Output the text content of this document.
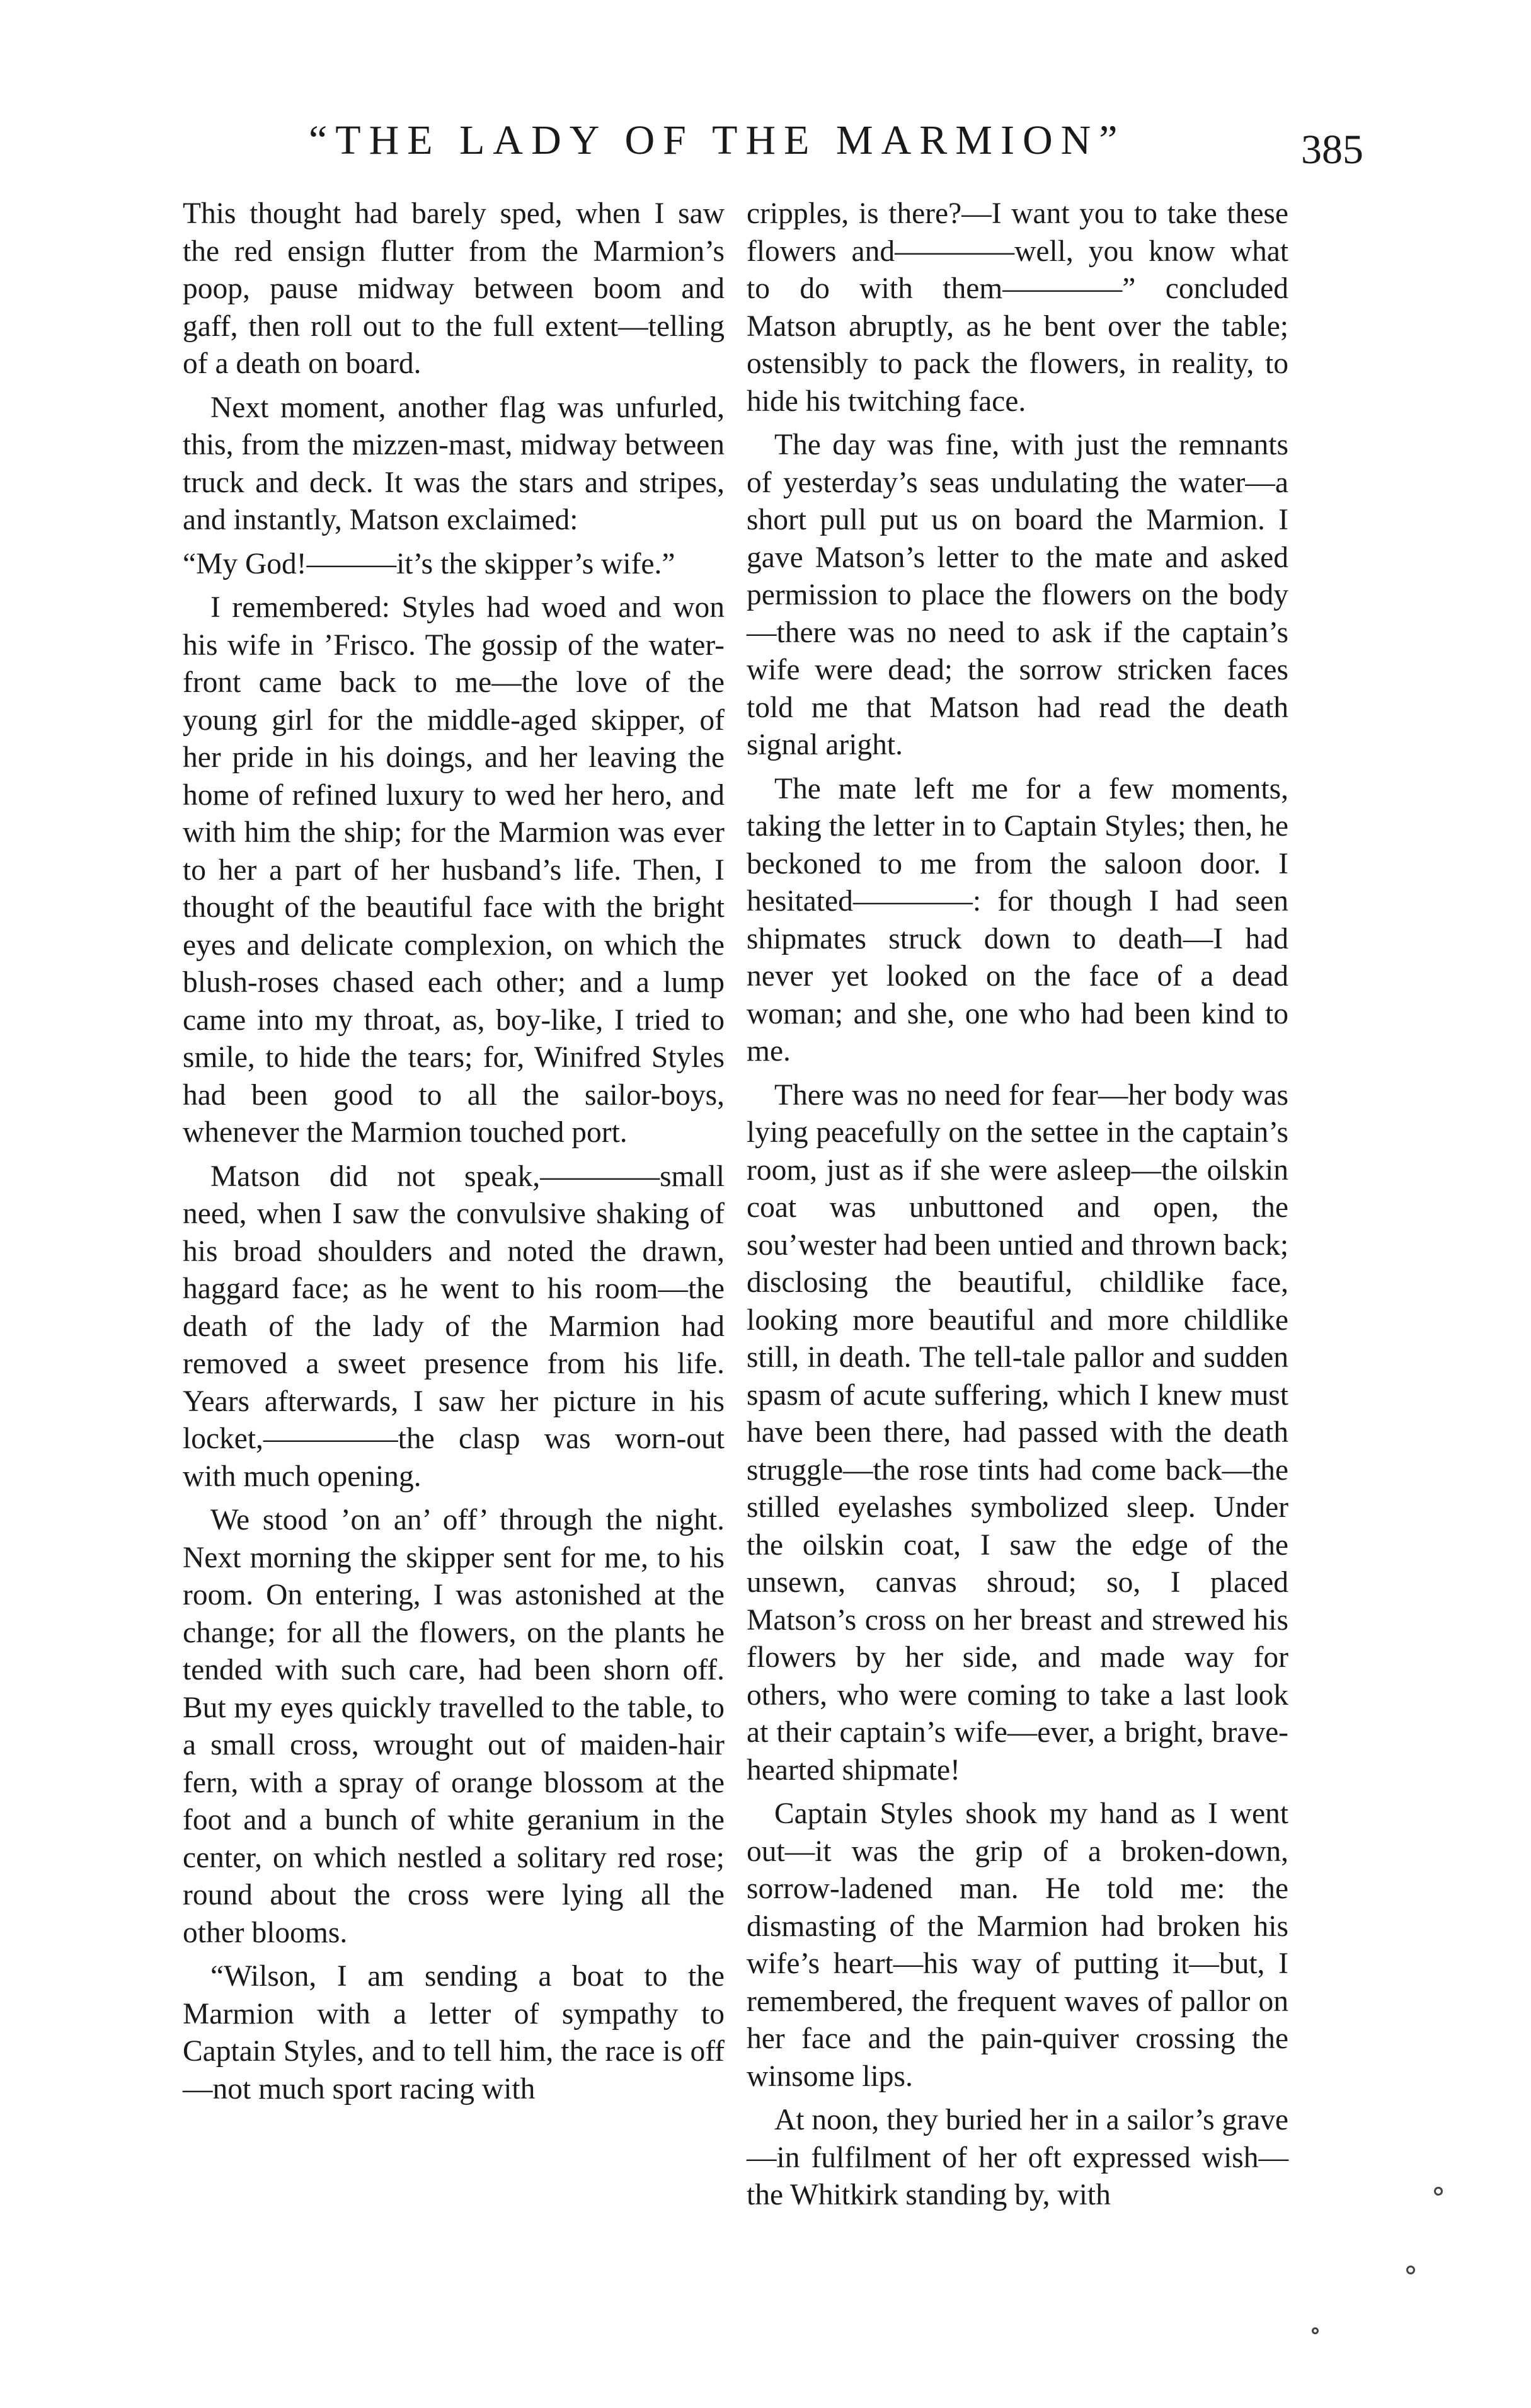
“THE LADY OF THE MARMION”	385

This thought had barely sped, when I saw the red ensign flutter from the Marmion’s poop, pause midway between boom and gaff, then roll out to the full extent—telling of a death on board.

Next moment, another flag was unfurled, this, from the mizzen-mast, midway between truck and deck. It was the stars and stripes, and instantly, Matson exclaimed:

“My God!———it’s the skipper’s wife.”

I remembered: Styles had woed and won his wife in ’Frisco. The gossip of the water-front came back to me—the love of the young girl for the middle-aged skipper, of her pride in his doings, and her leaving the home of refined luxury to wed her hero, and with him the ship; for the Marmion was ever to her a part of her husband’s life. Then, I thought of the beautiful face with the bright eyes and delicate complexion, on which the blush-roses chased each other; and a lump came into my throat, as, boy-like, I tried to smile, to hide the tears; for, Winifred Styles had been good to all the sailor-boys, whenever the Marmion touched port.

Matson did not speak,————small need, when I saw the convulsive shaking of his broad shoulders and noted the drawn, haggard face; as he went to his room—the death of the lady of the Marmion had removed a sweet presence from his life. Years afterwards, I saw her picture in his locket,–————the clasp was worn-out with much opening.

We stood ’on an’ off’ through the night. Next morning the skipper sent for me, to his room. On entering, I was astonished at the change; for all the flowers, on the plants he tended with such care, had been shorn off. But my eyes quickly travelled to the table, to a small cross, wrought out of maiden-hair fern, with a spray of orange blossom at the foot and a bunch of white geranium in the center, on which nestled a solitary red rose; round about the cross were lying all the other blooms.

“Wilson, I am sending a boat to the Marmion with a letter of sympathy to Captain Styles, and to tell him, the race is off—not much sport racing with

cripples, is there?—I want you to take these flowers and————well, you know what to do with them————” concluded Matson abruptly, as he bent over the table; ostensibly to pack the flowers, in reality, to hide his twitching face.

The day was fine, with just the remnants of yesterday’s seas undulating the water—a short pull put us on board the Marmion. I gave Matson’s letter to the mate and asked permission to place the flowers on the body—there was no need to ask if the captain’s wife were dead; the sorrow stricken faces told me that Matson had read the death signal aright.

The mate left me for a few moments, taking the letter in to Captain Styles; then, he beckoned to me from the saloon door. I hesitated————: for though I had seen shipmates struck down to death—I had never yet looked on the face of a dead woman; and she, one who had been kind to me.

There was no need for fear—her body was lying peacefully on the settee in the captain’s room, just as if she were asleep—the oilskin coat was unbuttoned and open, the sou’wester had been untied and thrown back; disclosing the beautiful, childlike face, looking more beautiful and more childlike still, in death. The tell-tale pallor and sudden spasm of acute suffering, which I knew must have been there, had passed with the death struggle—the rose tints had come back—the stilled eyelashes symbolized sleep. Under the oilskin coat, I saw the edge of the unsewn, canvas shroud; so, I placed Matson’s cross on her breast and strewed his flowers by her side, and made way for others, who were coming to take a last look at their captain’s wife—ever, a bright, brave-hearted shipmate!

Captain Styles shook my hand as I went out—it was the grip of a broken-down, sorrow-ladened man. He told me: the dismasting of the Marmion had broken his wife’s heart—his way of putting it—but, I remembered, the frequent waves of pallor on her face and the pain-quiver crossing the winsome lips.

At noon, they buried her in a sailor’s grave—in fulfilment of her oft expressed wish—the Whitkirk standing by, with
